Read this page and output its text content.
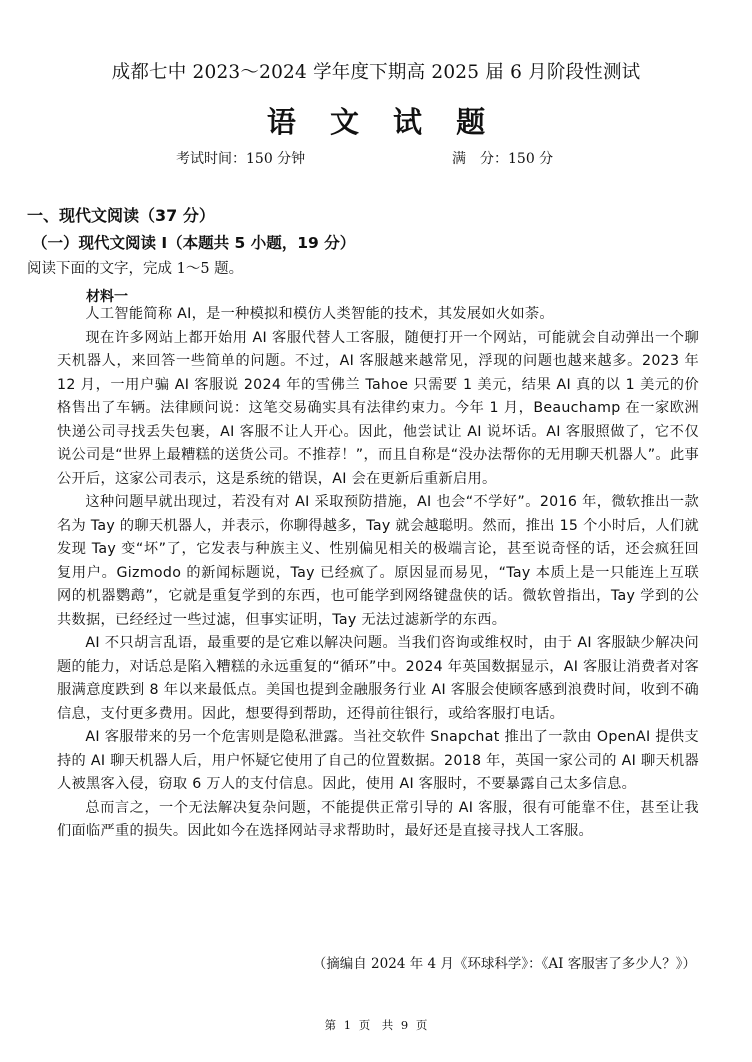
成都七中 2023～2024 学年度下期高 2025 届 6 月阶段性测试
语 文 试 题
考试时间：150 分钟	满　分：150 分
一、现代文阅读（37 分）
（一）现代文阅读 I（本题共 5 小题，19 分）
阅读下面的文字，完成 1～5 题。
材料一

人工智能简称 AI，是一种模拟和模仿人类智能的技术，其发展如火如荼。

现在许多网站上都开始用 AI 客服代替人工客服，随便打开一个网站，可能就会自动弹出一个聊天机器人，来回答一些简单的问题。不过，AI 客服越来越常见，浮现的问题也越来越多。2023 年 12 月，一用户骗 AI 客服说 2024 年的雪佛兰 Tahoe 只需要 1 美元，结果 AI 真的以 1 美元的价格售出了车辆。法律顾问说：这笔交易确实具有法律约束力。今年 1 月，Beauchamp 在一家欧洲快递公司寻找丢失包裹，AI 客服不让人开心。因此，他尝试让 AI 说坏话。AI 客服照做了，它不仅说公司是“世界上最糟糕的送货公司。不推荐！”，而且自称是“没办法帮你的无用聊天机器人”。此事公开后，这家公司表示，这是系统的错误，AI 会在更新后重新启用。

这种问题早就出现过，若没有对 AI 采取预防措施，AI 也会“不学好”。2016 年，微软推出一款名为 Tay 的聊天机器人，并表示，你聊得越多，Tay 就会越聪明。然而，推出 15 个小时后，人们就发现 Tay 变“坏”了，它发表与种族主义、性别偏见相关的极端言论，甚至说奇怪的话，还会疯狂回复用户。Gizmodo 的新闻标题说，Tay 已经疯了。原因显而易见，“Tay 本质上是一只能连上互联网的机器鹦鹉”，它就是重复学到的东西，也可能学到网络键盘侠的话。微软曾指出，Tay 学到的公共数据，已经经过一些过滤，但事实证明，Tay 无法过滤新学的东西。

AI 不只胡言乱语，最重要的是它难以解决问题。当我们咨询或维权时，由于 AI 客服缺少解决问题的能力，对话总是陷入糟糕的永远重复的“循环”中。2024 年英国数据显示，AI 客服让消费者对客服满意度跌到 8 年以来最低点。美国也提到金融服务行业 AI 客服会使顾客感到浪费时间，收到不确信息，支付更多费用。因此，想要得到帮助，还得前往银行，或给客服打电话。

AI 客服带来的另一个危害则是隐私泄露。当社交软件 Snapchat 推出了一款由 OpenAI 提供支持的 AI 聊天机器人后，用户怀疑它使用了自己的位置数据。2018 年，英国一家公司的 AI 聊天机器人被黑客入侵，窃取 6 万人的支付信息。因此，使用 AI 客服时，不要暴露自己太多信息。

总而言之，一个无法解决复杂问题，不能提供正常引导的 AI 客服，很有可能靠不住，甚至让我们面临严重的损失。因此如今在选择网站寻求帮助时，最好还是直接寻找人工客服。

（摘编自 2024 年 4 月《环球科学》：《AI 客服害了多少人？》）
第 1 页　共 9 页
